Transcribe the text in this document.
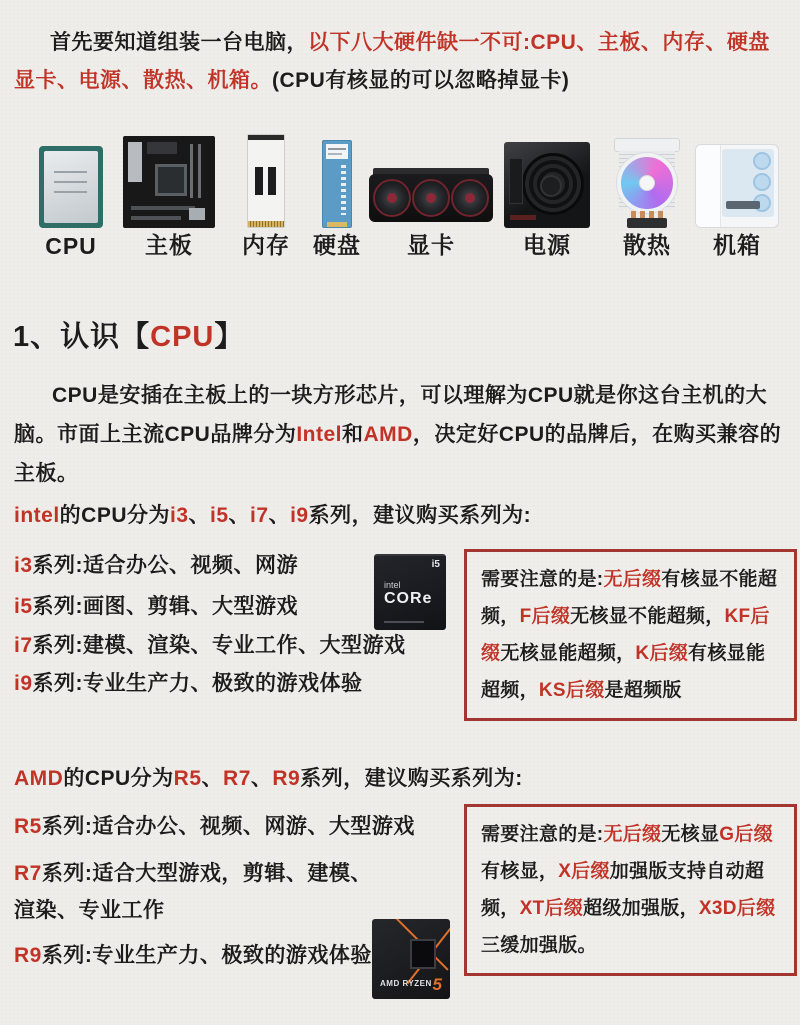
首先要知道组装一台电脑，以下八大硬件缺一不可:CPU、主板、内存、硬盘显卡、电源、散热、机箱。(CPU有核显的可以忽略掉显卡)

CPU 主板 内存 硬盘 显卡	电源 散热 机箱
1、认识【CPU】

CPU是安插在主板上的一块方形芯片，可以理解为CPU就是你这台主机的大脑。市面上主流CPU品牌分为Intel和AMD，决定好CPU的品牌后，在购买兼容的主板。

intel的CPU分为i3、i5、i7、i9系列，建议购买系列为:

i3系列:适合办公、视频、网游

i5系列:画图、剪辑、大型游戏

i7系列:建模、渲染、专业工作、大型游戏

i9系列:专业生产力、极致的游戏体验

i5
intel
CORe
需要注意的是:无后缀有核显不能超
频，F后缀无核显不能超频，KF后
缀无核显能超频，K后缀有核显能
超频，KS后缀是超频版

AMD的CPU分为R5、R7、R9系列，建议购买系列为:

R5系列:适合办公、视频、网游、大型游戏

R7系列:适合大型游戏，剪辑、建模、

渲染、专业工作

R9系列:专业生产力、极致的游戏体验

AMD RYZEN 5
需要注意的是:无后缀无核显G后缀
有核显，X后缀加强版支持自动超
频，XT后缀超级加强版，X3D后缀
三缓加强版。
